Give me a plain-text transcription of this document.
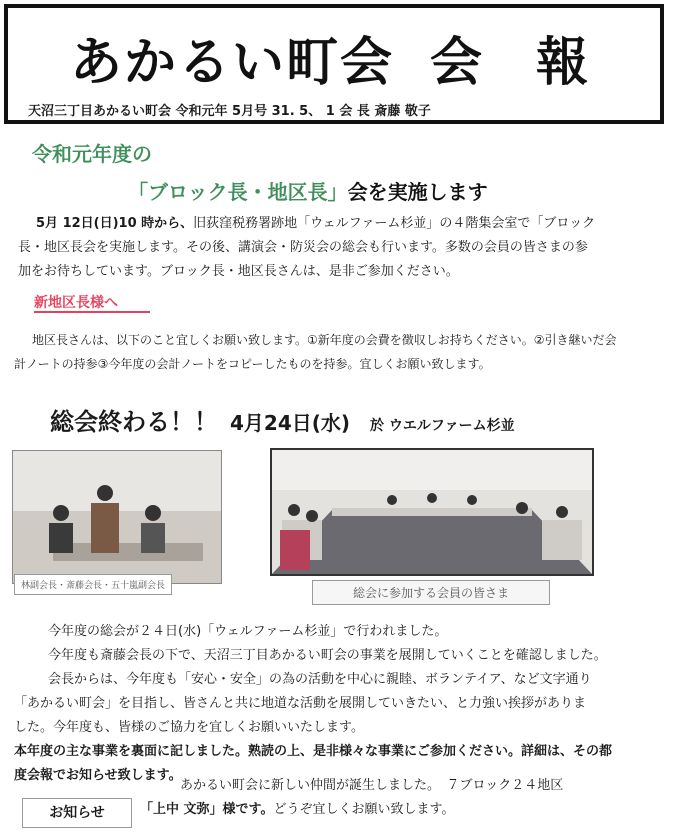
あかるい町会 会 報
天沼三丁目あかるい町会 令和元年 5月号 31. 5、 1 会 長 斎藤 敬子
令和元年度の
「ブロック長・地区長」会を実施します
5月 12日(日)10 時から、旧荻窪税務署跡地「ウェルファーム杉並」の４階集会室で「ブロック
長・地区長会を実施します。その後、講演会・防災会の総会も行います。多数の会員の皆さまの参
加をお待ちしています。ブロック長・地区長さんは、是非ご参加ください。
新地区長様へ
地区長さんは、以下のこと宜しくお願い致します。①新年度の会費を徴収しお持ちください。②引き継いだ会
計ノートの持参③今年度の会計ノートをコピーしたものを持参。宜しくお願い致します。
総会終わる！！ 4月24日(水) 於 ウエルファーム杉並
林副会長・斎藤会長・五十嵐副会長	総会に参加する会員の皆さま
今年度の総会が２４日(水)「ウェルファーム杉並」で行われました。
今年度も斎藤会長の下で、天沼三丁目あかるい町会の事業を展開していくことを確認しました。
会長からは、今年度も「安心・安全」の為の活動を中心に親睦、ボランテイア、など文字通り
「あかるい町会」を目指し、皆さんと共に地道な活動を展開していきたい、と力強い挨拶がありま
した。今年度も、皆様のご協力を宜しくお願いいたします。
本年度の主な事業を裏面に記しました。熟読の上、是非様々な事業にご参加ください。詳細は、その都
度会報でお知らせ致します。
お知らせ
あかるい町会に新しい仲間が誕生しました。　７ブロック２４地区
「上中 文弥」様です。どうぞ宜しくお願い致します。
